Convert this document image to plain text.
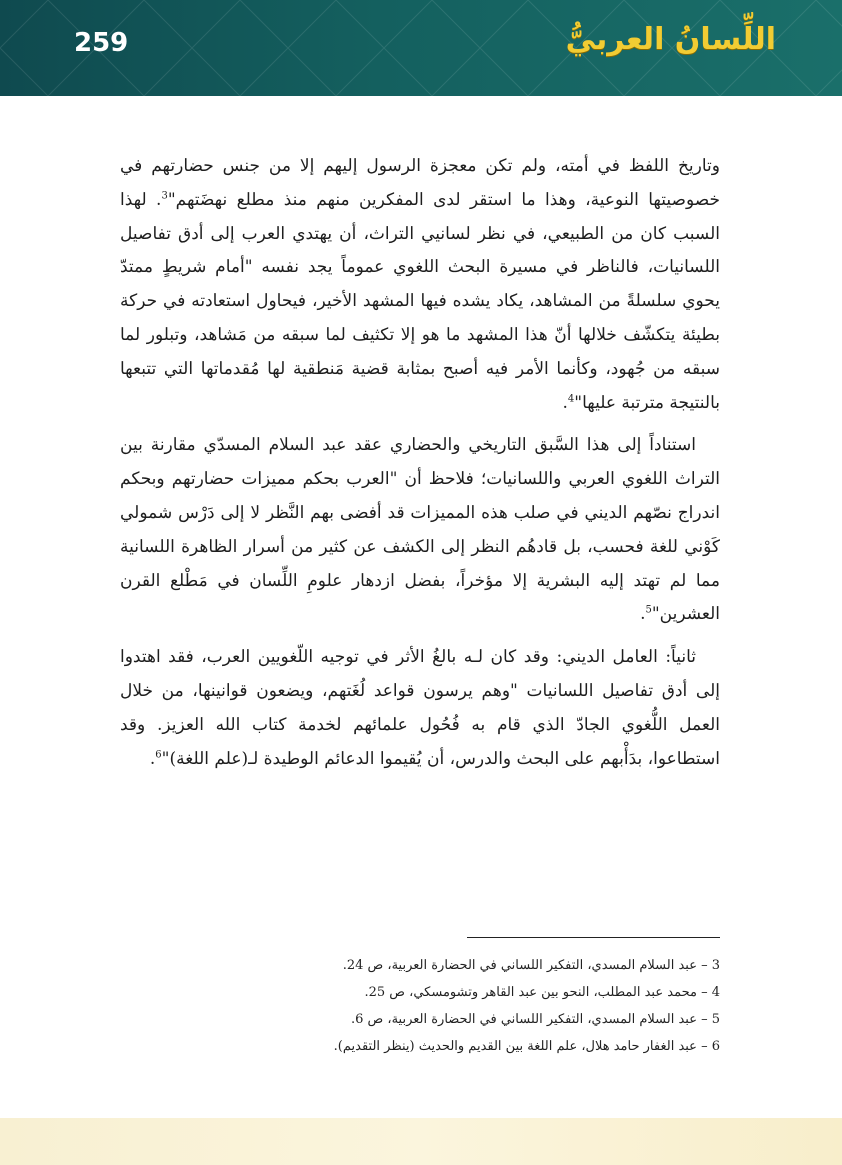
259	اللِّسانُ العربيُّ

وتاريخ اللفظ في أمته، ولم تكن معجزة الرسول إليهم إلا من جنس حضارتهم في خصوصيتها النوعية، وهذا ما استقر لدى المفكرين منهم منذ مطلع نهضَتهم"$^3$. لهذا السبب كان من الطبيعي، في نظر لسانيي التراث، أن يهتدي العرب إلى أدق تفاصيل اللسانيات، فالناظر في مسيرة البحث اللغوي عموماً يجد نفسه "أمام شريطٍ ممتدّ يحوي سلسلةً من المشاهد، يكاد يشده فيها المشهد الأخير، فيحاول استعادته في حركة بطيئة يتكشّف خلالها أنّ هذا المشهد ما هو إلا تكثيف لما سبقه من مَشاهد، وتبلور لما سبقه من جُهود، وكأنما الأمر فيه أصبح بمثابة قضية مَنطقية لها مُقدماتها التي تتبعها بالنتيجة مترتبة عليها"$^4$.

استناداً إلى هذا السَّبق التاريخي والحضاري عقد عبد السلام المسدّي مقارنة بين التراث اللغوي العربي واللسانيات؛ فلاحظ أن "العرب بحكم مميزات حضارتهم وبحكم اندراج نصّهم الديني في صلب هذه المميزات قد أفضى بهم النَّظر لا إلى دَرْس شمولي كَوْني للغة فحسب، بل قادهُم النظر إلى الكشف عن كثير من أسرار الظاهرة اللسانية مما لم تهتد إليه البشرية إلا مؤخراً، بفضل ازدهار علومِ اللِّسان في مَطْلع القرن العشرين"$^5$.

ثانياً: العامل الديني: وقد كان لـه بالغُ الأثر في توجيه اللّغويين العرب، فقد اهتدوا إلى أدق تفاصيل اللسانيات "وهم يرسون قواعد لُغَتهم، ويضعون قوانينها، من خلال العمل اللُّغوي الجادّ الذي قام به فُحُول علمائهم لخدمة كتاب الله العزيز. وقد استطاعوا، بدَأْبهم على البحث والدرس، أن يُقيموا الدعائم الوطيدة لـ(علم اللغة)"$^6$.

3 – عبد السلام المسدي، التفكير اللساني في الحضارة العربية، ص 24.
4 – محمد عبد المطلب، النحو بين عبد القاهر وتشومسكي، ص 25.
5 – عبد السلام المسدي، التفكير اللساني في الحضارة العربية، ص 6.
6 – عبد الغفار حامد هلال، علم اللغة بين القديم والحديث (ينظر التقديم).
